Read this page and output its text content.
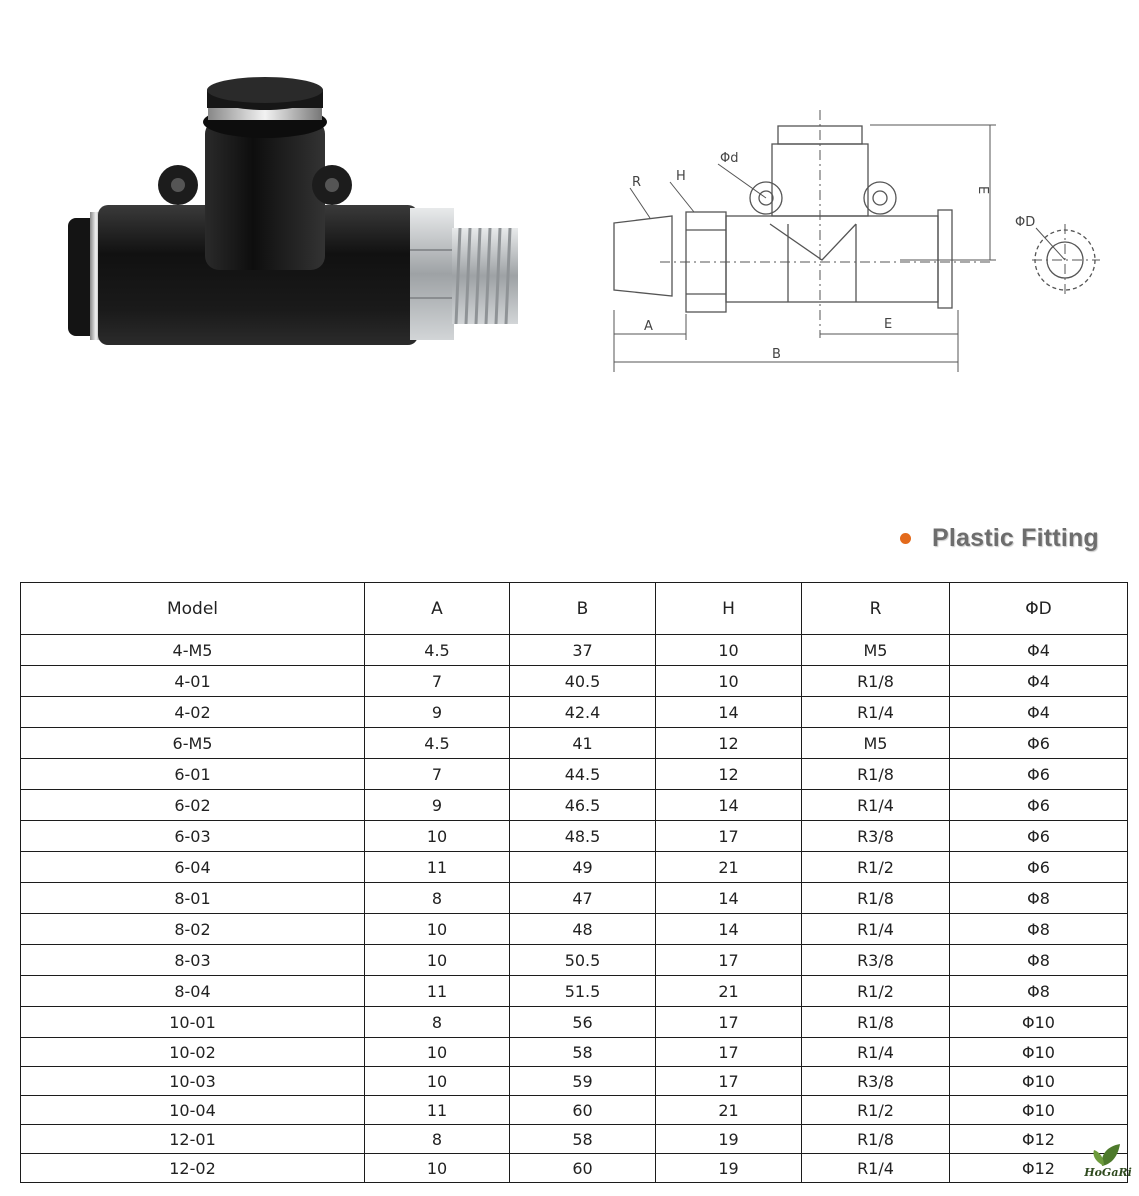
R	H
Φd
E
ΦD
A	E
B
Plastic Fitting
Model	A	B	H	R	ΦD
4-M5	4.5	37	10	M5	Φ4
4-01	7	40.5	10	R1/8	Φ4
4-02	9	42.4	14	R1/4	Φ4
6-M5	4.5	41	12	M5	Φ6
6-01	7	44.5	12	R1/8	Φ6
6-02	9	46.5	14	R1/4	Φ6
6-03	10	48.5	17	R3/8	Φ6
6-04	11	49	21	R1/2	Φ6
8-01	8	47	14	R1/8	Φ8
8-02	10	48	14	R1/4	Φ8
8-03	10	50.5	17	R3/8	Φ8
8-04	11	51.5	21	R1/2	Φ8
10-01	8	56	17	R1/8	Φ10
10-02	10	58	17	R1/4	Φ10
10-03	10	59	17	R3/8	Φ10
10-04	11	60	21	R1/2	Φ10
12-01	8	58	19	R1/8	Φ12
12-02	10	60	19	R1/4	Φ12	HoGaRi
